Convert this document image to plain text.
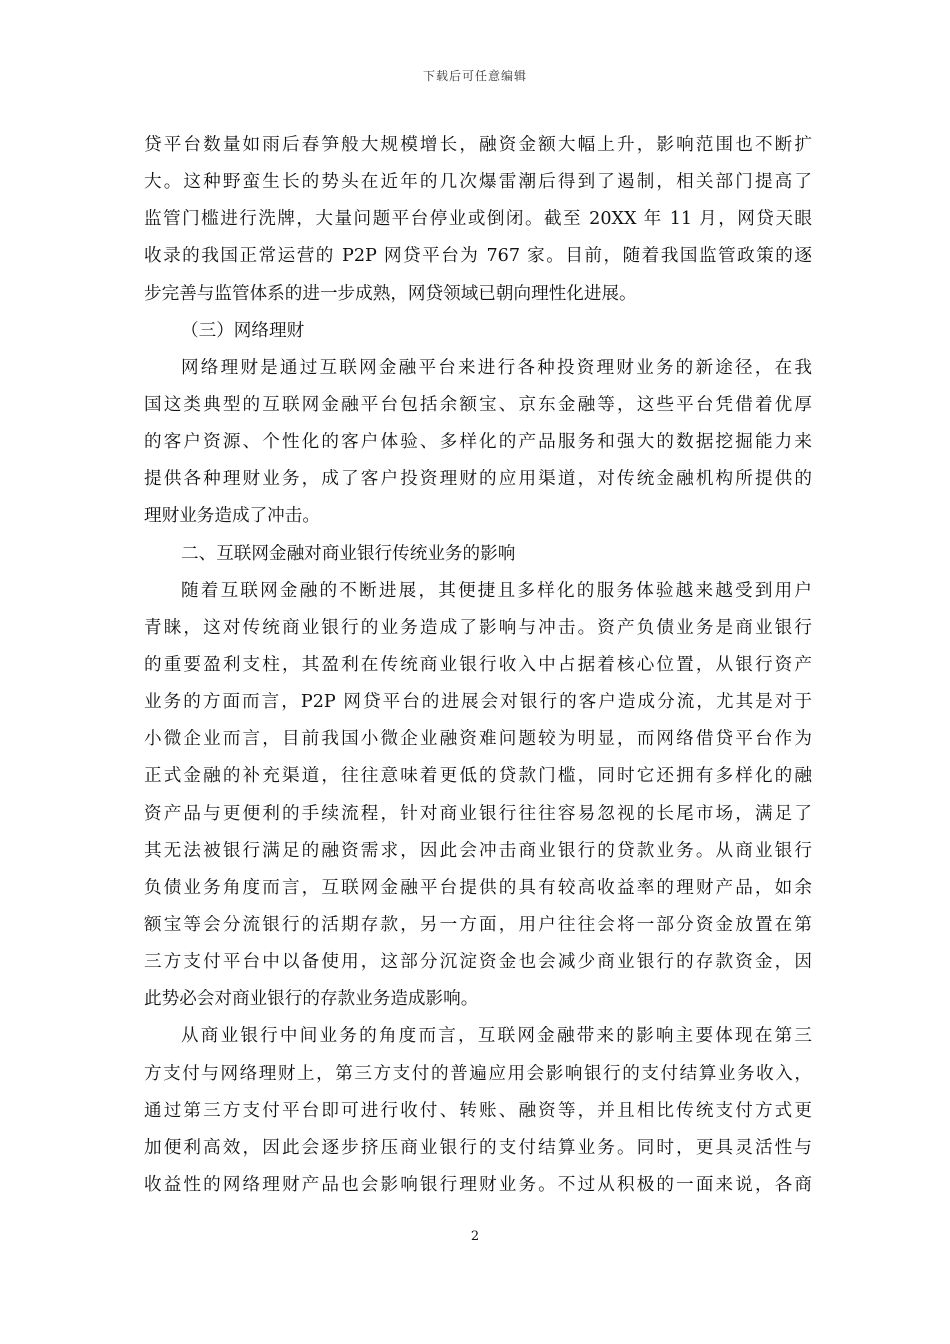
下载后可任意编辑
贷平台数量如雨后春笋般大规模增长，融资金额大幅上升，影响范围也不断扩
大。这种野蛮生长的势头在近年的几次爆雷潮后得到了遏制，相关部门提高了
监管门槛进行洗牌，大量问题平台停业或倒闭。截至 20XX 年 11 月，网贷天眼
收录的我国正常运营的 P2P 网贷平台为 767 家。目前，随着我国监管政策的逐
步完善与监管体系的进一步成熟，网贷领域已朝向理性化进展。
（三）网络理财
网络理财是通过互联网金融平台来进行各种投资理财业务的新途径，在我
国这类典型的互联网金融平台包括余额宝、京东金融等，这些平台凭借着优厚
的客户资源、个性化的客户体验、多样化的产品服务和强大的数据挖掘能力来
提供各种理财业务，成了客户投资理财的应用渠道，对传统金融机构所提供的
理财业务造成了冲击。
二、互联网金融对商业银行传统业务的影响
随着互联网金融的不断进展，其便捷且多样化的服务体验越来越受到用户
青睐，这对传统商业银行的业务造成了影响与冲击。资产负债业务是商业银行
的重要盈利支柱，其盈利在传统商业银行收入中占据着核心位置，从银行资产
业务的方面而言，P2P 网贷平台的进展会对银行的客户造成分流，尤其是对于
小微企业而言，目前我国小微企业融资难问题较为明显，而网络借贷平台作为
正式金融的补充渠道，往往意味着更低的贷款门槛，同时它还拥有多样化的融
资产品与更便利的手续流程，针对商业银行往往容易忽视的长尾市场，满足了
其无法被银行满足的融资需求，因此会冲击商业银行的贷款业务。从商业银行
负债业务角度而言，互联网金融平台提供的具有较高收益率的理财产品，如余
额宝等会分流银行的活期存款，另一方面，用户往往会将一部分资金放置在第
三方支付平台中以备使用，这部分沉淀资金也会减少商业银行的存款资金，因
此势必会对商业银行的存款业务造成影响。
从商业银行中间业务的角度而言，互联网金融带来的影响主要体现在第三
方支付与网络理财上，第三方支付的普遍应用会影响银行的支付结算业务收入，
通过第三方支付平台即可进行收付、转账、融资等，并且相比传统支付方式更
加便利高效，因此会逐步挤压商业银行的支付结算业务。同时，更具灵活性与
收益性的网络理财产品也会影响银行理财业务。不过从积极的一面来说，各商
2
